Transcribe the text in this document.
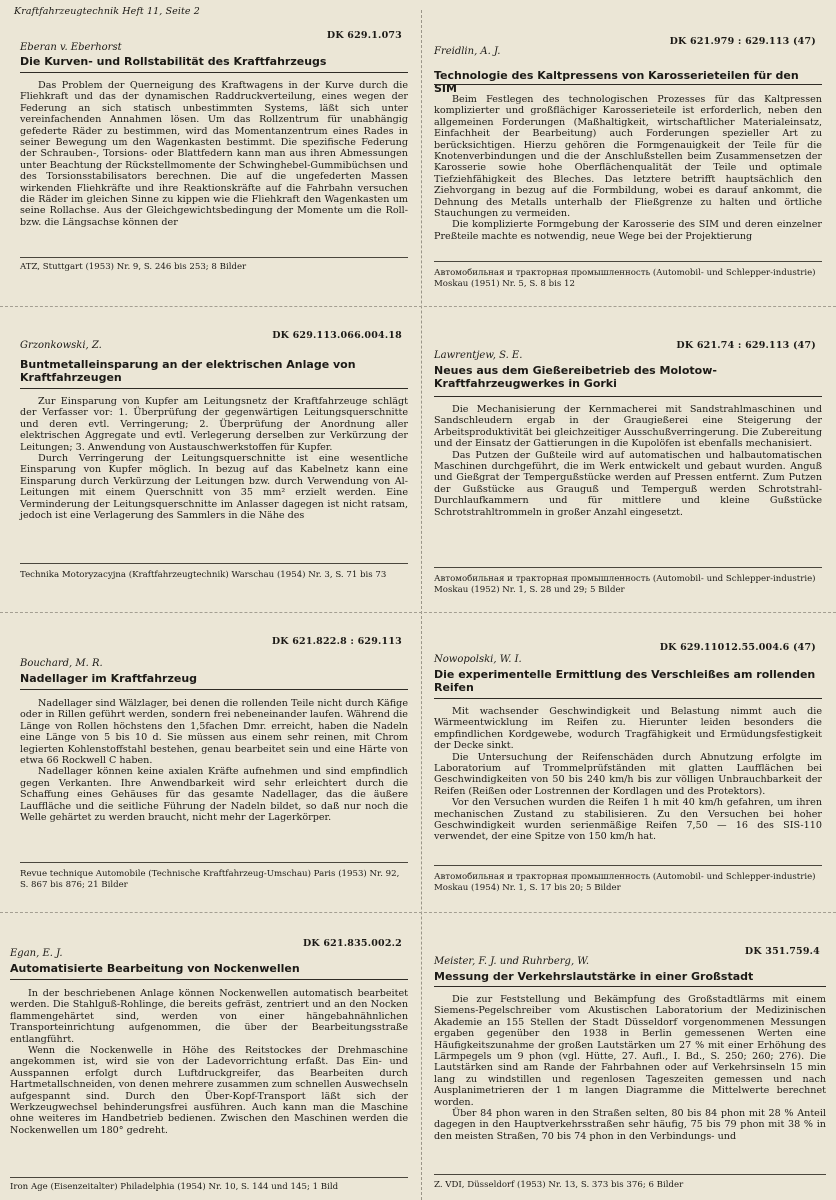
Kraftfahrzeugtechnik Heft 11, Seite 2
DK 629.1.073
Eberan v. Eberhorst
Die Kurven- und Rollstabilität des Kraftfahrzeugs

Das Problem der Querneigung des Kraftwagens in der Kurve durch die Fliehkraft und das der dynamischen Raddruckverteilung, eines wegen der Federung an sich statisch unbestimmten Systems, läßt sich unter vereinfachenden Annahmen lösen. Um das Rollzentrum für unabhängig gefederte Räder zu bestimmen, wird das Momentanzentrum eines Rades in seiner Bewegung um den Wagenkasten bestimmt. Die spezifische Federung der Schrauben-, Torsions- oder Blattfedern kann man aus ihren Abmessungen unter Beachtung der Rückstellmomente der Schwinghebel-Gummibüchsen und des Torsionsstabilisators berechnen. Die auf die ungefederten Massen wirkenden Fliehkräfte und ihre Reaktionskräfte auf die Fahrbahn versuchen die Räder im gleichen Sinne zu kippen wie die Fliehkraft den Wagenkasten um seine Rollachse. Aus der Gleichgewichtsbedingung der Momente um die Roll- bzw. die Längsachse können der

ATZ, Stuttgart (1953) Nr. 9, S. 246 bis 253; 8 Bilder
DK 621.979 : 629.113 (47)
Freidlin, A. J.
Technologie des Kaltpressens von Karosserieteilen für den SIM

Beim Festlegen des technologischen Prozesses für das Kaltpressen komplizierter und großflächiger Karosserieteile ist erforderlich, neben den allgemeinen Forderungen (Maßhaltigkeit, wirtschaftlicher Materialeinsatz, Einfachheit der Bearbeitung) auch Forderungen spezieller Art zu berücksichtigen. Hierzu gehören die Formgenauigkeit der Teile für die Knotenverbindungen und die der Anschlußstellen beim Zusammensetzen der Karosserie sowie hohe Oberflächenqualität der Teile und optimale Tiefziehfähigkeit des Bleches. Das letztere betrifft hauptsächlich den Ziehvorgang in bezug auf die Formbildung, wobei es darauf ankommt, die Dehnung des Metalls unterhalb der Fließgrenze zu halten und örtliche Stauchungen zu vermeiden.

Die komplizierte Formgebung der Karosserie des SIM und deren einzelner Preßteile machte es notwendig, neue Wege bei der Projektierung

Автомобильная и тракторная промышленность (Automobil- und Schlepper-industrie) Moskau (1951) Nr. 5, S. 8 bis 12
DK 629.113.066.004.18
Grzonkowski, Z.
Buntmetalleinsparung an der elektrischen Anlage von Kraftfahrzeugen

Zur Einsparung von Kupfer am Leitungsnetz der Kraftfahrzeuge schlägt der Verfasser vor: 1. Überprüfung der gegenwärtigen Leitungsquerschnitte und deren evtl. Verringerung; 2. Überprüfung der Anordnung aller elektrischen Aggregate und evtl. Verlegerung derselben zur Verkürzung der Leitungen; 3. Anwendung von Austauschwerkstoffen für Kupfer.

Durch Verringerung der Leitungsquerschnitte ist eine wesentliche Einsparung von Kupfer möglich. In bezug auf das Kabelnetz kann eine Einsparung durch Verkürzung der Leitungen bzw. durch Verwendung von Al-Leitungen mit einem Querschnitt von 35 mm² erzielt werden. Eine Verminderung der Leitungsquerschnitte im Anlasser dagegen ist nicht ratsam, jedoch ist eine Verlagerung des Sammlers in die Nähe des

Technika Motoryzacyjna (Kraftfahrzeugtechnik) Warschau (1954) Nr. 3, S. 71 bis 73
DK 621.74 : 629.113 (47)
Lawrentjew, S. E.
Neues aus dem Gießereibetrieb des Molotow-Kraftfahrzeugwerkes in Gorki

Die Mechanisierung der Kernmacherei mit Sandstrahlmaschinen und Sandschleudern ergab in der Graugießerei eine Steigerung der Arbeitsproduktivität bei gleichzeitiger Ausschußverringerung. Die Zubereitung und der Einsatz der Gattierungen in die Kupolöfen ist ebenfalls mechanisiert.

Das Putzen der Gußteile wird auf automatischen und halbautomatischen Maschinen durchgeführt, die im Werk entwickelt und gebaut wurden. Anguß und Gießgrat der Tempergußstücke werden auf Pressen entfernt. Zum Putzen der Gußstücke aus Grauguß und Temperguß werden Schrotstrahl-Durchlaufkammern und für mittlere und kleine Gußstücke Schrotstrahltrommeln in großer Anzahl eingesetzt.

Автомобильная и тракторная промышленность (Automobil- und Schlepper-industrie) Moskau (1952) Nr. 1, S. 28 und 29; 5 Bilder
DK 621.822.8 : 629.113
Bouchard, M. R.
Nadellager im Kraftfahrzeug

Nadellager sind Wälzlager, bei denen die rollenden Teile nicht durch Käfige oder in Rillen geführt werden, sondern frei nebeneinander laufen. Während die Länge von Rollen höchstens den 1,5fachen Dmr. erreicht, haben die Nadeln eine Länge von 5 bis 10 d. Sie müssen aus einem sehr reinen, mit Chrom legierten Kohlenstoffstahl bestehen, genau bearbeitet sein und eine Härte von etwa 66 Rockwell C haben.

Nadellager können keine axialen Kräfte aufnehmen und sind empfindlich gegen Verkanten. Ihre Anwendbarkeit wird sehr erleichtert durch die Schaffung eines Gehäuses für das gesamte Nadellager, das die äußere Lauffläche und die seitliche Führung der Nadeln bildet, so daß nur noch die Welle gehärtet zu werden braucht, nicht mehr der Lagerkörper.

Revue technique Automobile (Technische Kraftfahrzeug-Umschau) Paris (1953) Nr. 92, S. 867 bis 876; 21 Bilder
DK 629.11012.55.004.6 (47)
Nowopolski, W. I.
Die experimentelle Ermittlung des Verschleißes am rollenden Reifen

Mit wachsender Geschwindigkeit und Belastung nimmt auch die Wärmeentwicklung im Reifen zu. Hierunter leiden besonders die empfindlichen Kordgewebe, wodurch Tragfähigkeit und Ermüdungsfestigkeit der Decke sinkt.

Die Untersuchung der Reifenschäden durch Abnutzung erfolgte im Laboratorium auf Trommelprüfständen mit glatten Laufflächen bei Geschwindigkeiten von 50 bis 240 km/h bis zur völligen Unbrauchbarkeit der Reifen (Reißen oder Lostrennen der Kordlagen und des Protektors).

Vor den Versuchen wurden die Reifen 1 h mit 40 km/h gefahren, um ihren mechanischen Zustand zu stabilisieren. Zu den Versuchen bei hoher Geschwindigkeit wurden serienmäßige Reifen 7,50 — 16 des SIS-110 verwendet, der eine Spitze von 150 km/h hat.

Автомобильная и тракторная промышленность (Automobil- und Schlepper-industrie) Moskau (1954) Nr. 1, S. 17 bis 20; 5 Bilder
DK 621.835.002.2
Egan, E. J.
Automatisierte Bearbeitung von Nockenwellen

In der beschriebenen Anlage können Nockenwellen automatisch bearbeitet werden. Die Stahlguß-Rohlinge, die bereits gefräst, zentriert und an den Nocken flammengehärtet sind, werden von einer hängebahnähnlichen Transporteinrichtung aufgenommen, die über der Bearbeitungsstraße entlangführt.

Wenn die Nockenwelle in Höhe des Reitstockes der Drehmaschine angekommen ist, wird sie von der Ladevorrichtung erfaßt. Das Ein- und Ausspannen erfolgt durch Luftdruckgreifer, das Bearbeiten durch Hartmetallschneiden, von denen mehrere zusammen zum schnellen Auswechseln aufgespannt sind. Durch den Über-Kopf-Transport läßt sich der Werkzeugwechsel behinderungsfrei ausführen. Auch kann man die Maschine ohne weiteres im Handbetrieb bedienen. Zwischen den Maschinen werden die Nockenwellen um 180° gedreht.

Iron Age (Eisenzeitalter) Philadelphia (1954) Nr. 10, S. 144 und 145; 1 Bild
DK 351.759.4
Meister, F. J. und Ruhrberg, W.
Messung der Verkehrslautstärke in einer Großstadt

Die zur Feststellung und Bekämpfung des Großstadtlärms mit einem Siemens-Pegelschreiber vom Akustischen Laboratorium der Medizinischen Akademie an 155 Stellen der Stadt Düsseldorf vorgenommenen Messungen ergaben gegenüber den 1938 in Berlin gemessenen Werten eine Häufigkeitszunahme der großen Lautstärken um 27 % mit einer Erhöhung des Lärmpegels um 9 phon (vgl. Hütte, 27. Aufl., I. Bd., S. 250; 260; 276). Die Lautstärken sind am Rande der Fahrbahnen oder auf Verkehrsinseln 15 min lang zu windstillen und regenlosen Tageszeiten gemessen und nach Ausplanimetrieren der 1 m langen Diagramme die Mittelwerte berechnet worden.

Über 84 phon waren in den Straßen selten, 80 bis 84 phon mit 28 % Anteil dagegen in den Hauptverkehrsstraßen sehr häufig, 75 bis 79 phon mit 38 % in den meisten Straßen, 70 bis 74 phon in den Verbindungs- und

Z. VDI, Düsseldorf (1953) Nr. 13, S. 373 bis 376; 6 Bilder
